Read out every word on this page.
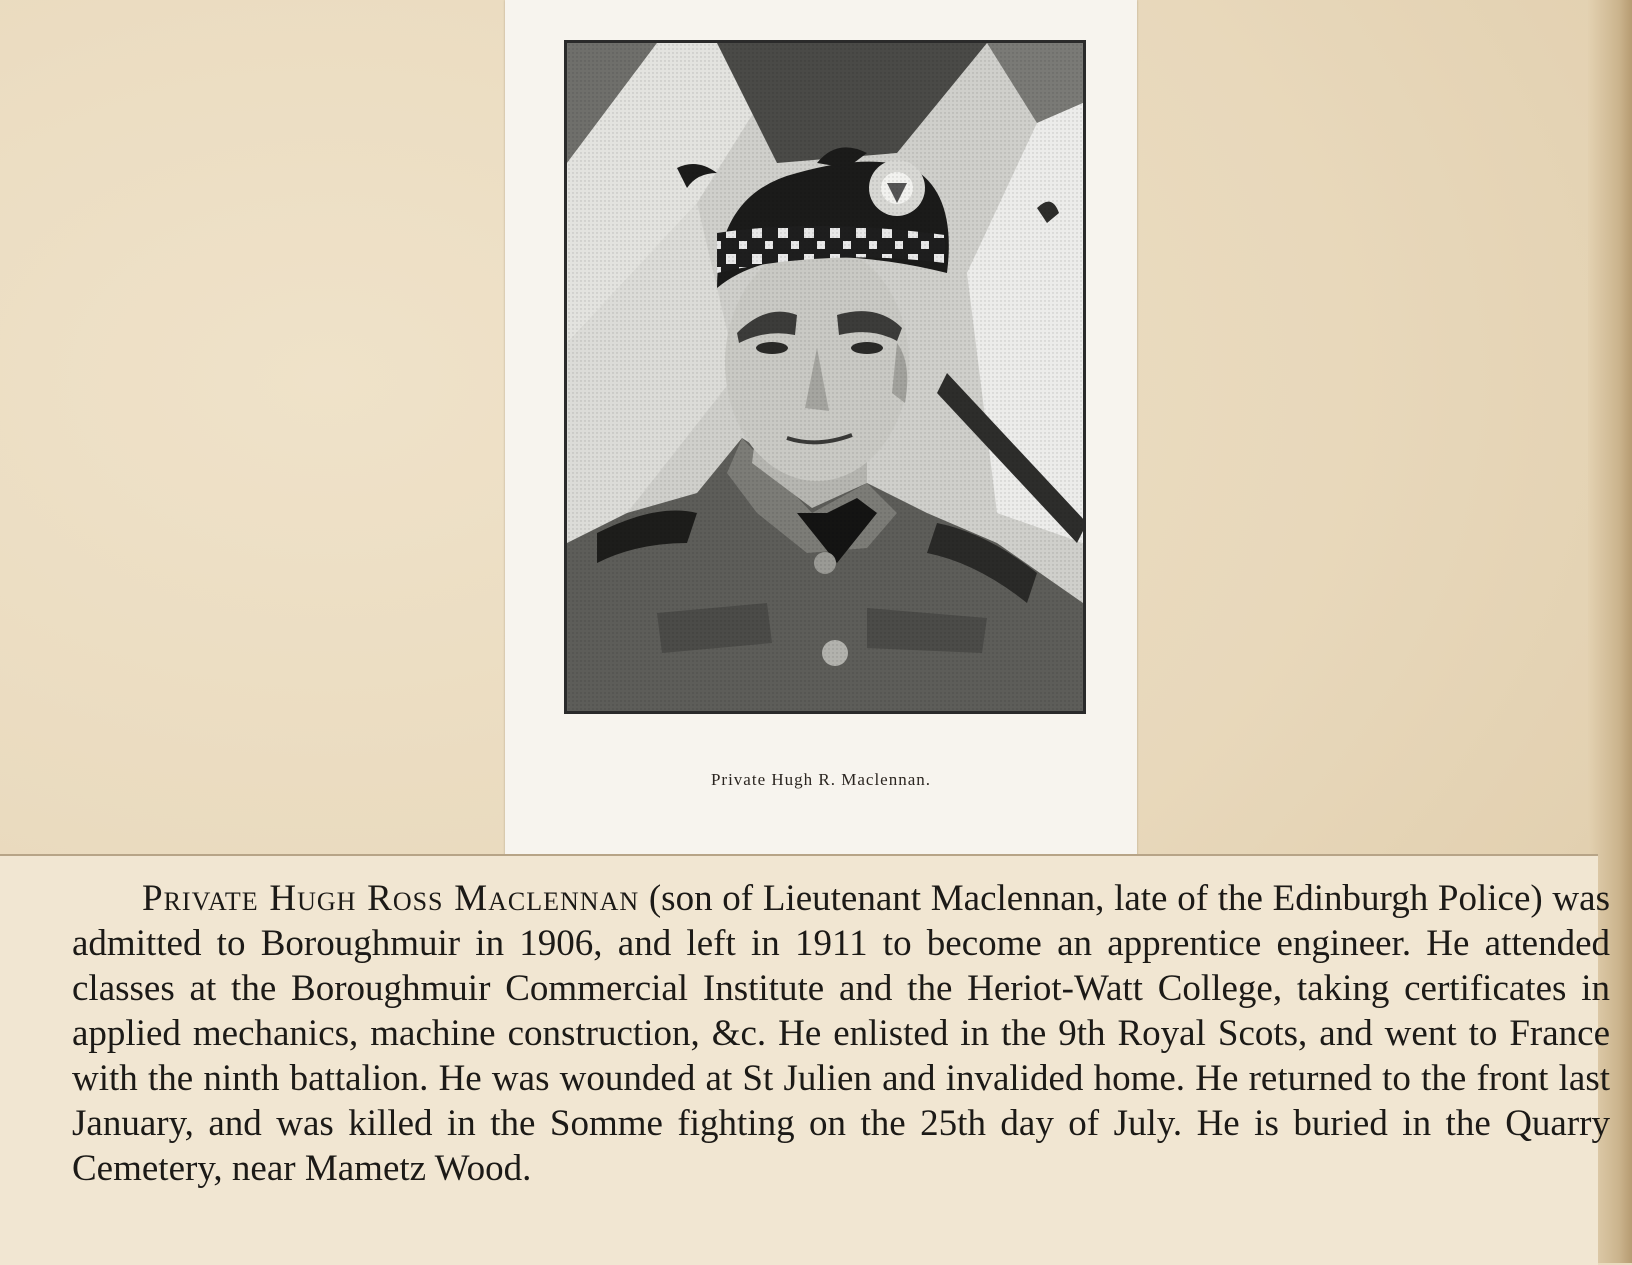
Private Hugh R. Maclennan.

Private Hugh Ross Maclennan (son of Lieutenant Maclennan, late of the Edinburgh Police) was admitted to Boroughmuir in 1906, and left in 1911 to become an apprentice engineer. He attended classes at the Boroughmuir Commercial Institute and the Heriot-Watt College, taking certificates in applied mechanics, machine construction, &c. He enlisted in the 9th Royal Scots, and went to France with the ninth battalion. He was wounded at St Julien and invalided home. He returned to the front last January, and was killed in the Somme fighting on the 25th day of July. He is buried in the Quarry Cemetery, near Mametz Wood.
